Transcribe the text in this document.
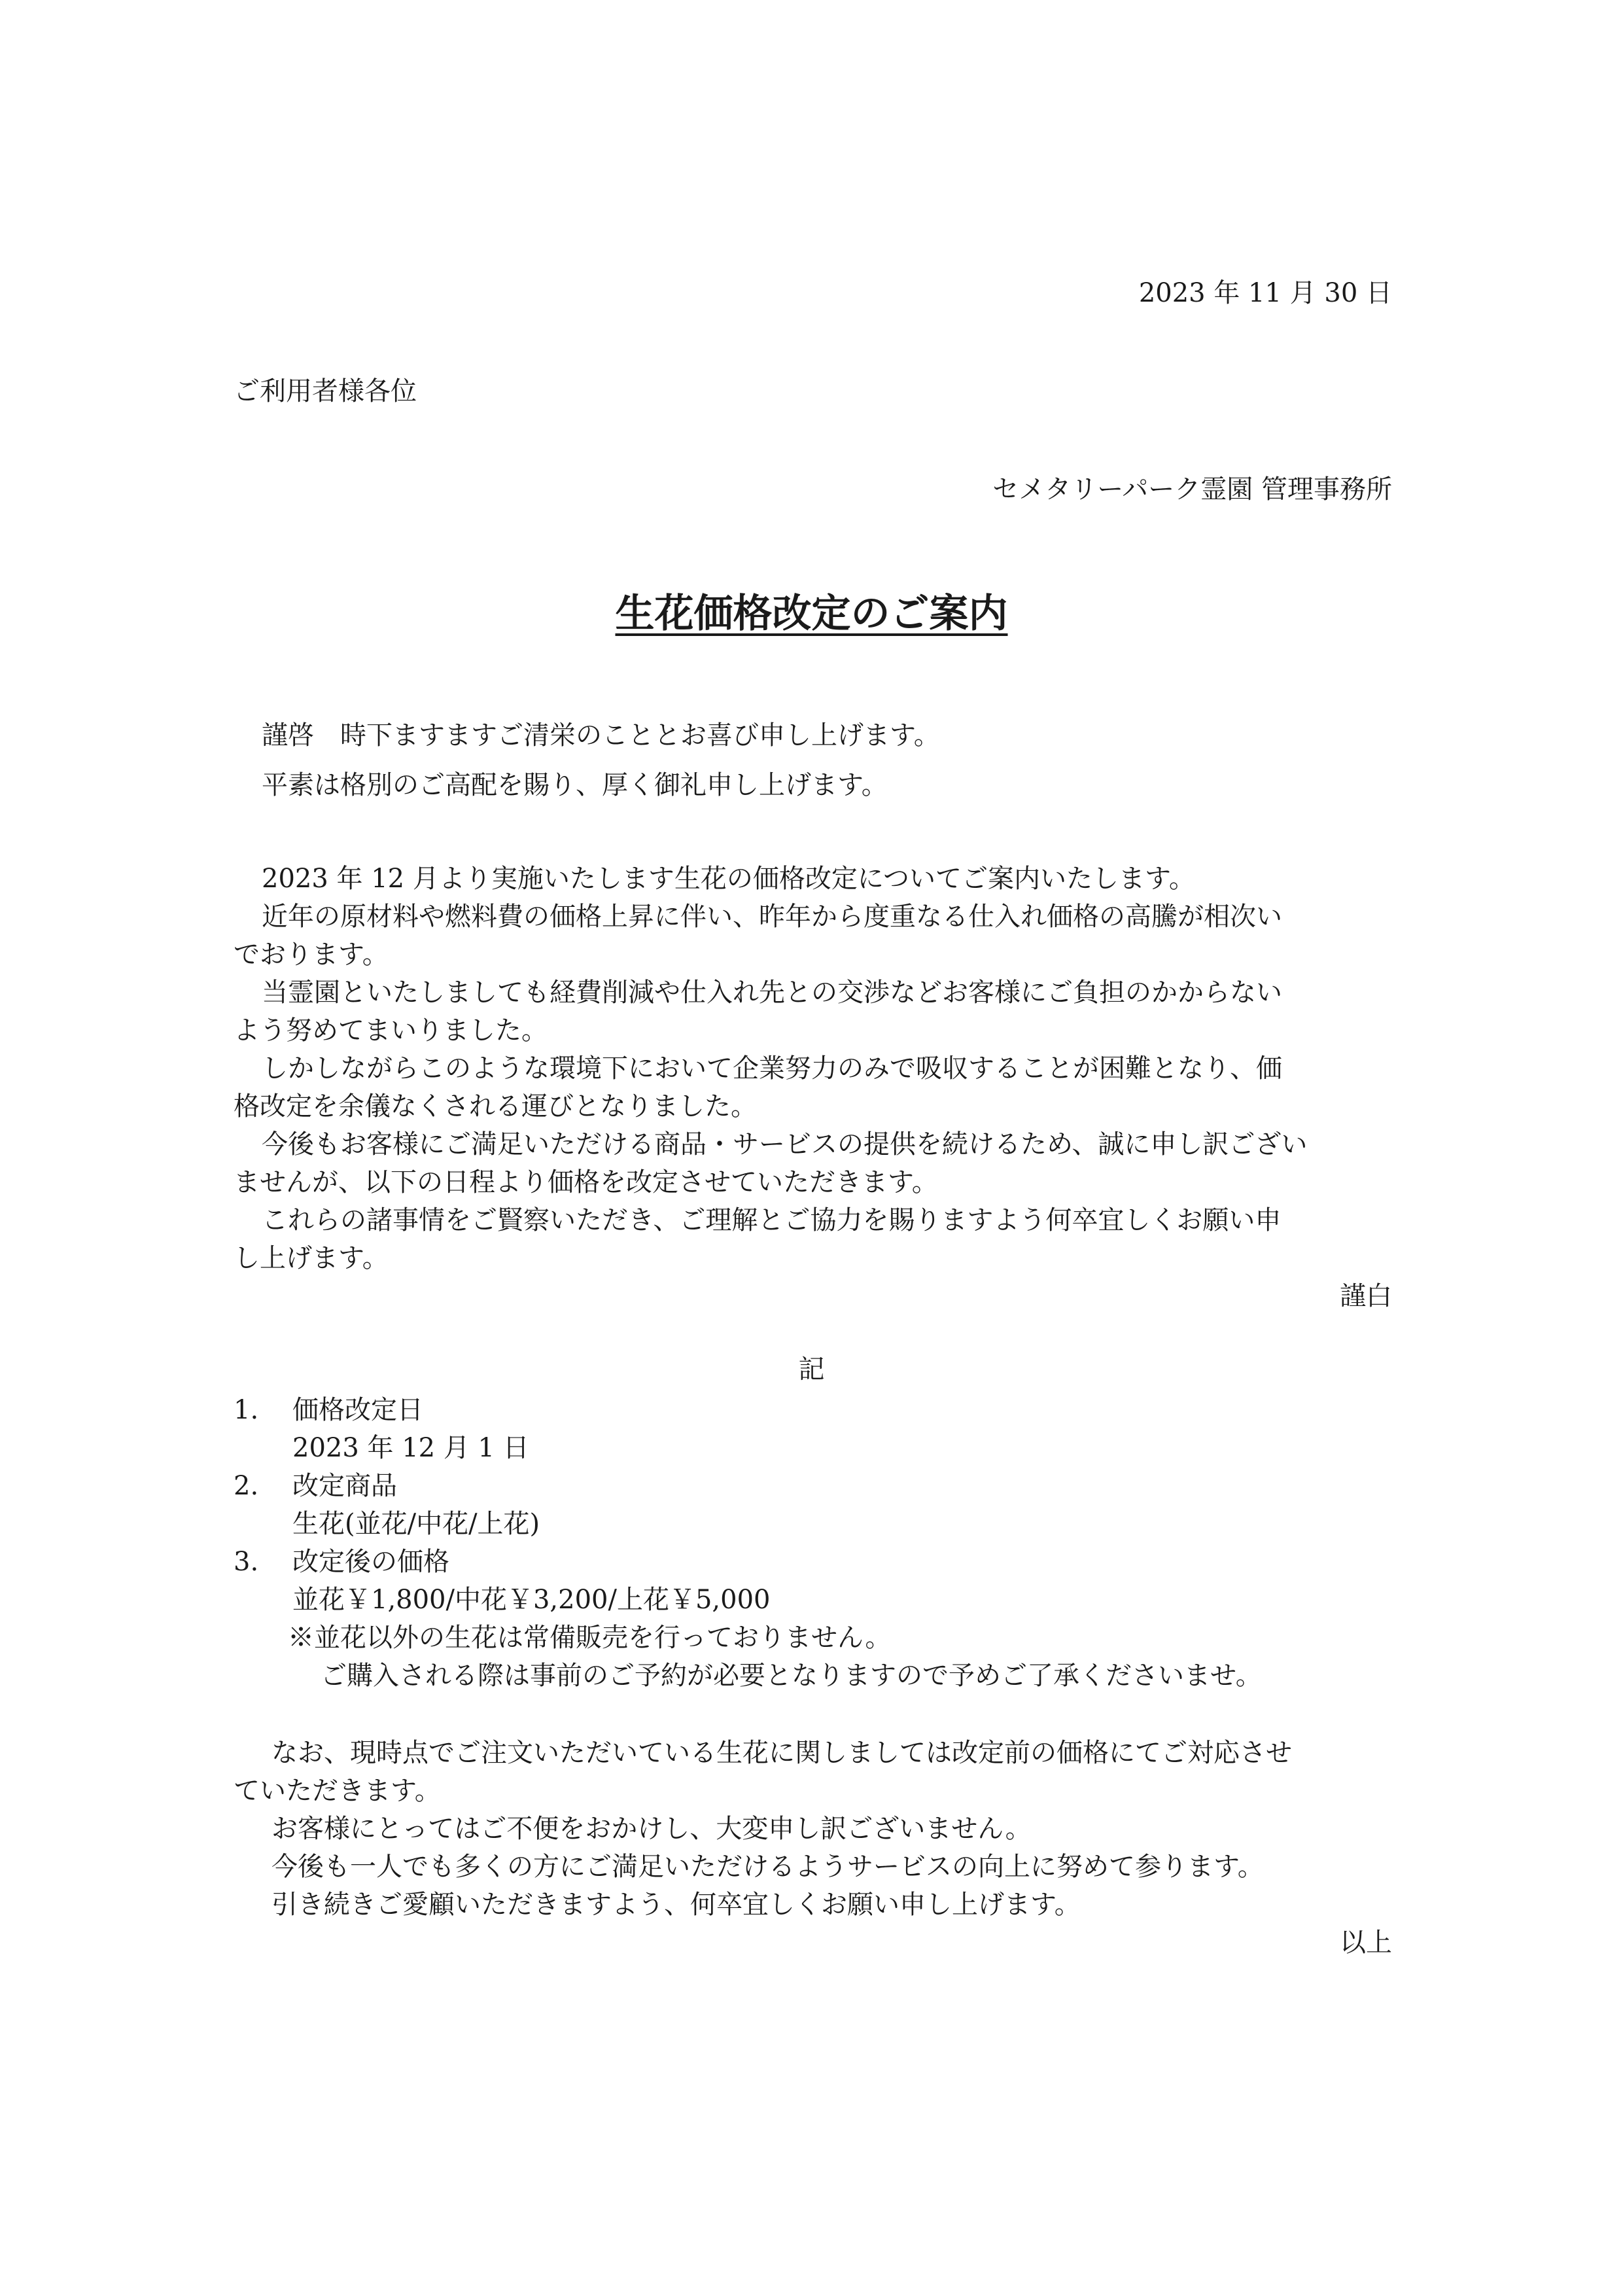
2023 年 11 月 30 日
ご利用者様各位
セメタリーパーク霊園 管理事務所
生花価格改定のご案内
謹啓　時下ますますご清栄のこととお喜び申し上げます。
平素は格別のご高配を賜り、厚く御礼申し上げます。
2023 年 12 月より実施いたします生花の価格改定についてご案内いたします。
近年の原材料や燃料費の価格上昇に伴い、昨年から度重なる仕入れ価格の高騰が相次い
でおります。
当霊園といたしましても経費削減や仕入れ先との交渉などお客様にご負担のかからない
よう努めてまいりました。
しかしながらこのような環境下において企業努力のみで吸収することが困難となり、価
格改定を余儀なくされる運びとなりました。
今後もお客様にご満足いただける商品・サービスの提供を続けるため、誠に申し訳ござい
ませんが、以下の日程より価格を改定させていただきます。
これらの諸事情をご賢察いただき、ご理解とご協力を賜りますよう何卒宜しくお願い申
し上げます。
謹白
記
1. 価格改定日
2023 年 12 月 1 日
2. 改定商品
生花(並花/中花/上花)
3. 改定後の価格
並花￥1,800/中花￥3,200/上花￥5,000
※並花以外の生花は常備販売を行っておりません。
ご購入される際は事前のご予約が必要となりますので予めご了承くださいませ。
なお、現時点でご注文いただいている生花に関しましては改定前の価格にてご対応させ
ていただきます。
お客様にとってはご不便をおかけし、大変申し訳ございません。
今後も一人でも多くの方にご満足いただけるようサービスの向上に努めて参ります。
引き続きご愛顧いただきますよう、何卒宜しくお願い申し上げます。
以上
